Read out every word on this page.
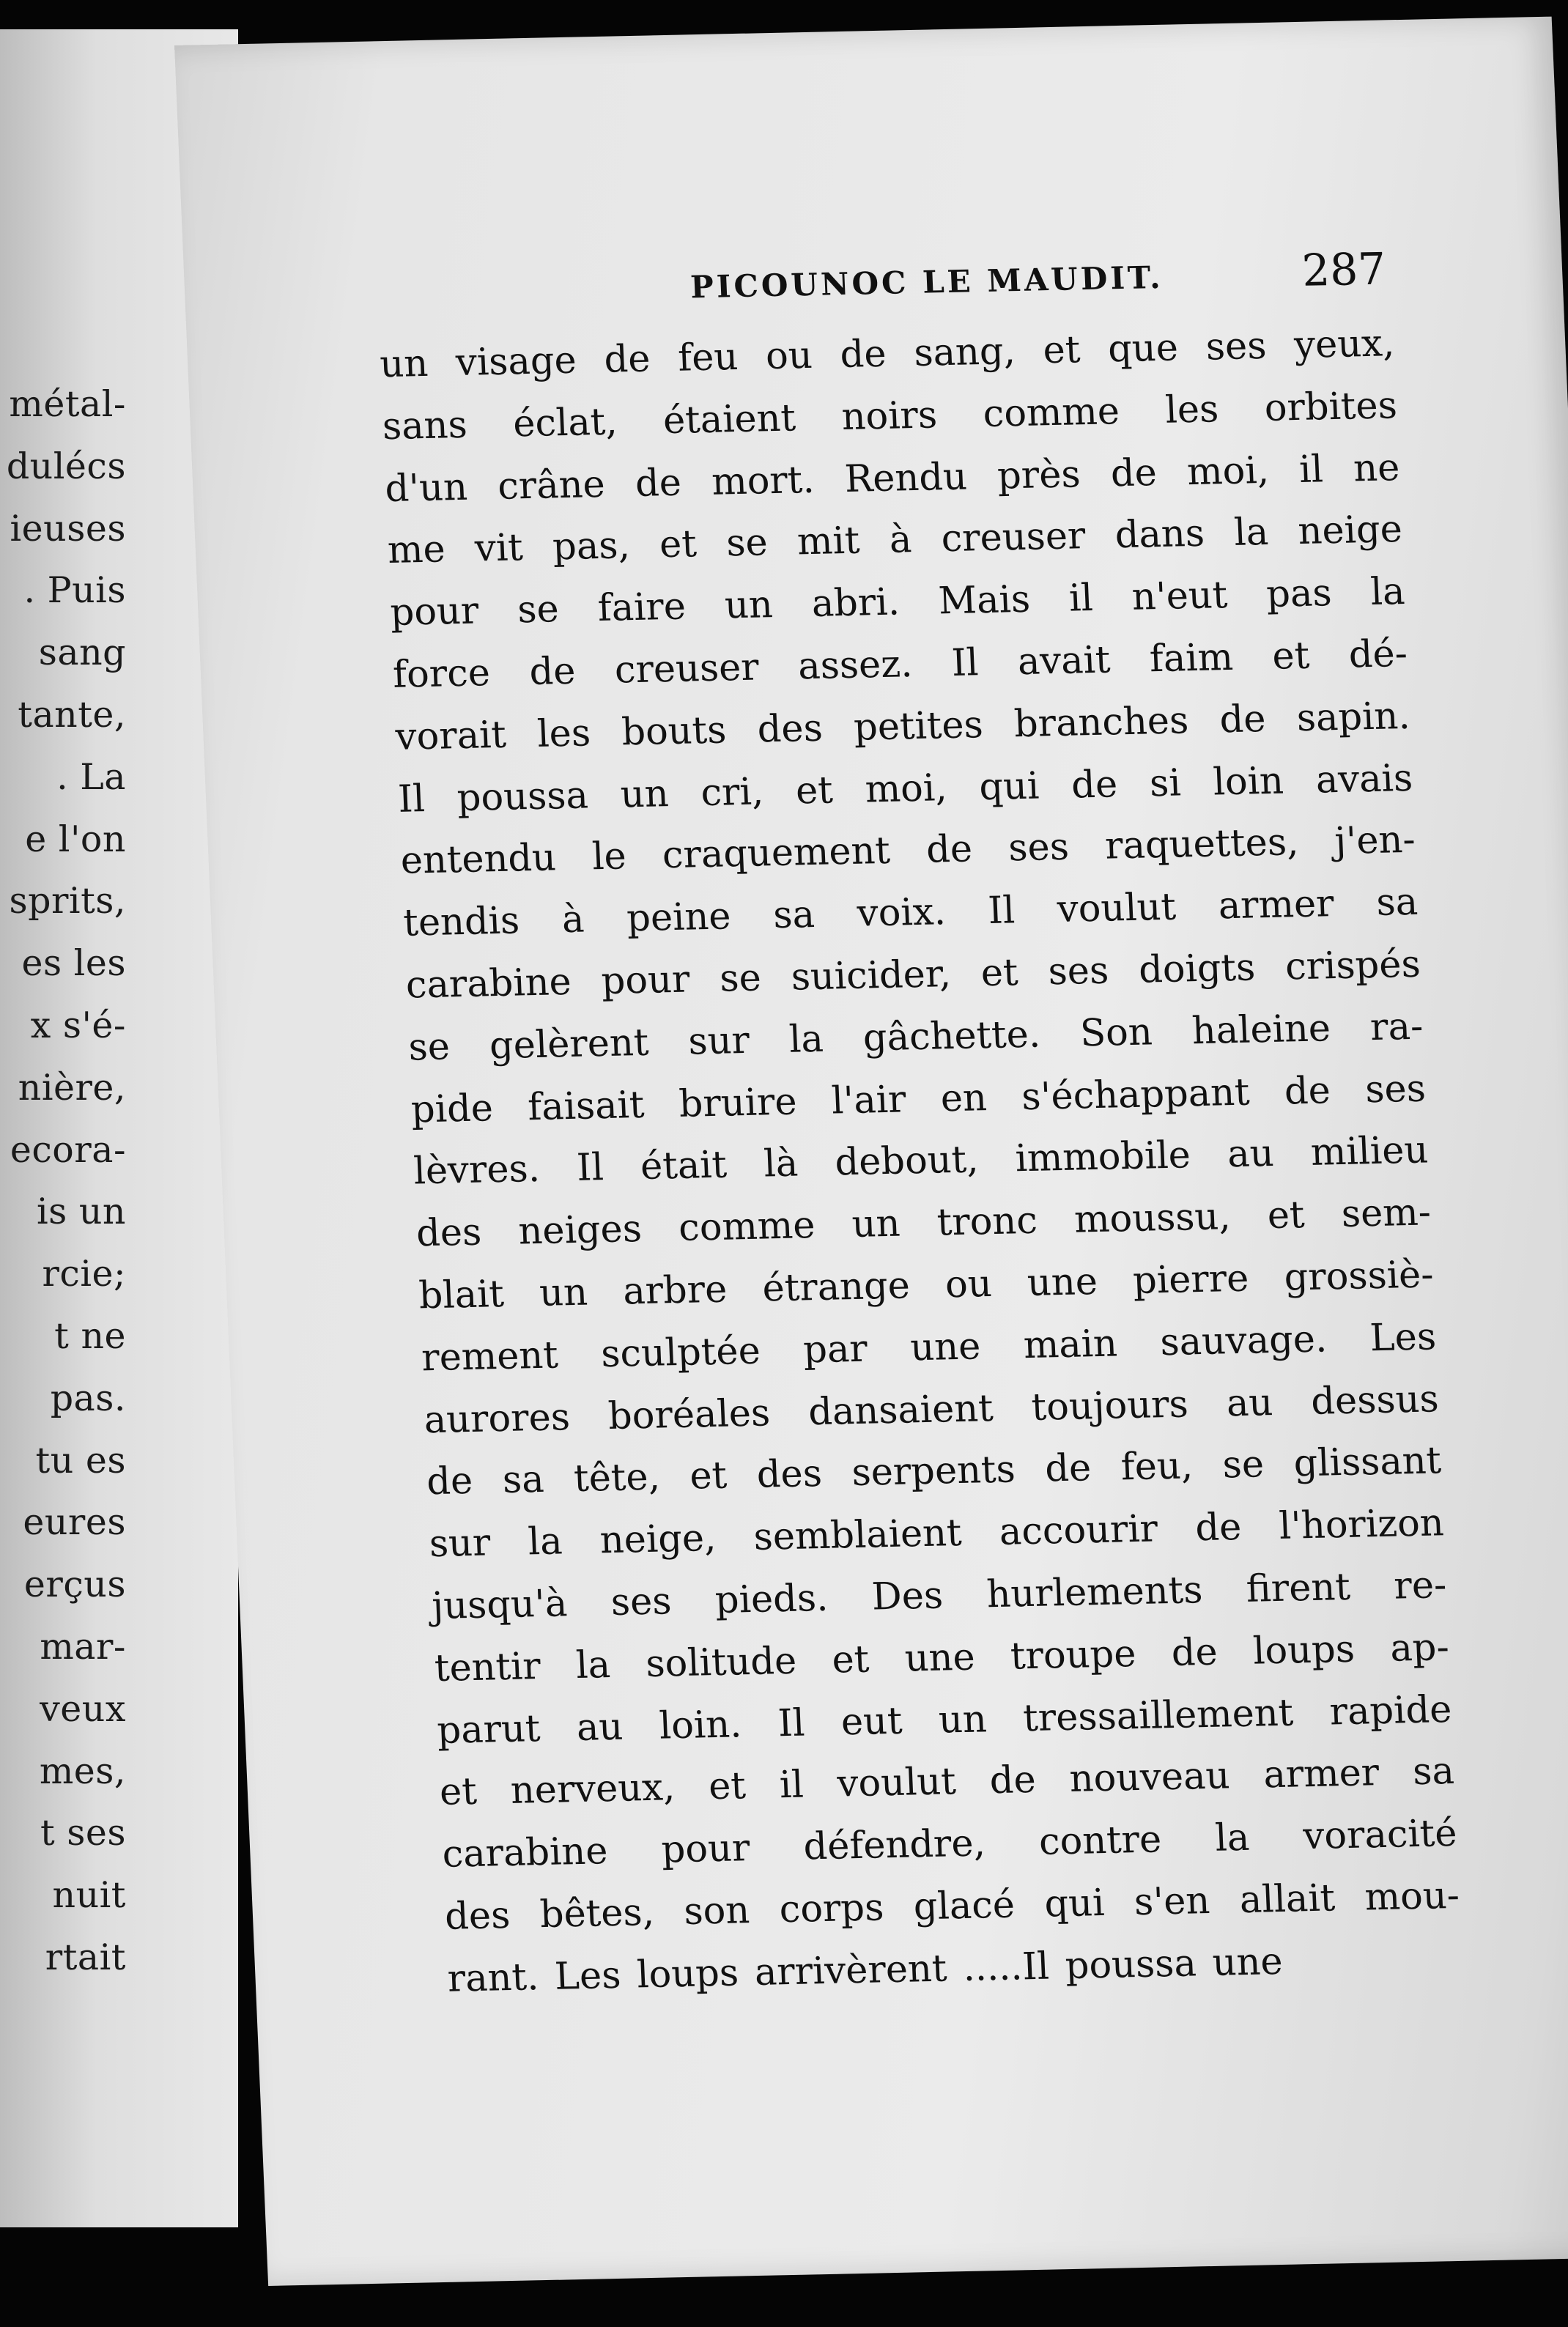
métal-
dulécs
ieuses
. Puis
sang
tante,
. La
e l'on
sprits,
es les
x s'é-
nière,
ecora-
is un
rcie;
t ne
pas.
tu es
eures
erçus
mar-
veux
mes,
t ses
nuit
rtait
PICOUNOC LE MAUDIT.	287
un visage de feu ou de sang, et que ses yeux,
sans éclat, étaient noirs comme les orbites
d'un crâne de mort. Rendu près de moi, il ne
me vit pas, et se mit à creuser dans la neige
pour se faire un abri. Mais il n'eut pas la
force de creuser assez. Il avait faim et dé-
vorait les bouts des petites branches de sapin.
Il poussa un cri, et moi, qui de si loin avais
entendu le craquement de ses raquettes, j'en-
tendis à peine sa voix. Il voulut armer sa
carabine pour se suicider, et ses doigts crispés
se gelèrent sur la gâchette. Son haleine ra-
pide faisait bruire l'air en s'échappant de ses
lèvres. Il était là debout, immobile au milieu
des neiges comme un tronc moussu, et sem-
blait un arbre étrange ou une pierre grossiè-
rement sculptée par une main sauvage. Les
aurores boréales dansaient toujours au dessus
de sa tête, et des serpents de feu, se glissant
sur la neige, semblaient accourir de l'horizon
jusqu'à ses pieds. Des hurlements firent re-
tentir la solitude et une troupe de loups ap-
parut au loin. Il eut un tressaillement rapide
et nerveux, et il voulut de nouveau armer sa
carabine pour défendre, contre la voracité
des bêtes, son corps glacé qui s'en allait mou-
rant. Les loups arrivèrent .....Il poussa une
